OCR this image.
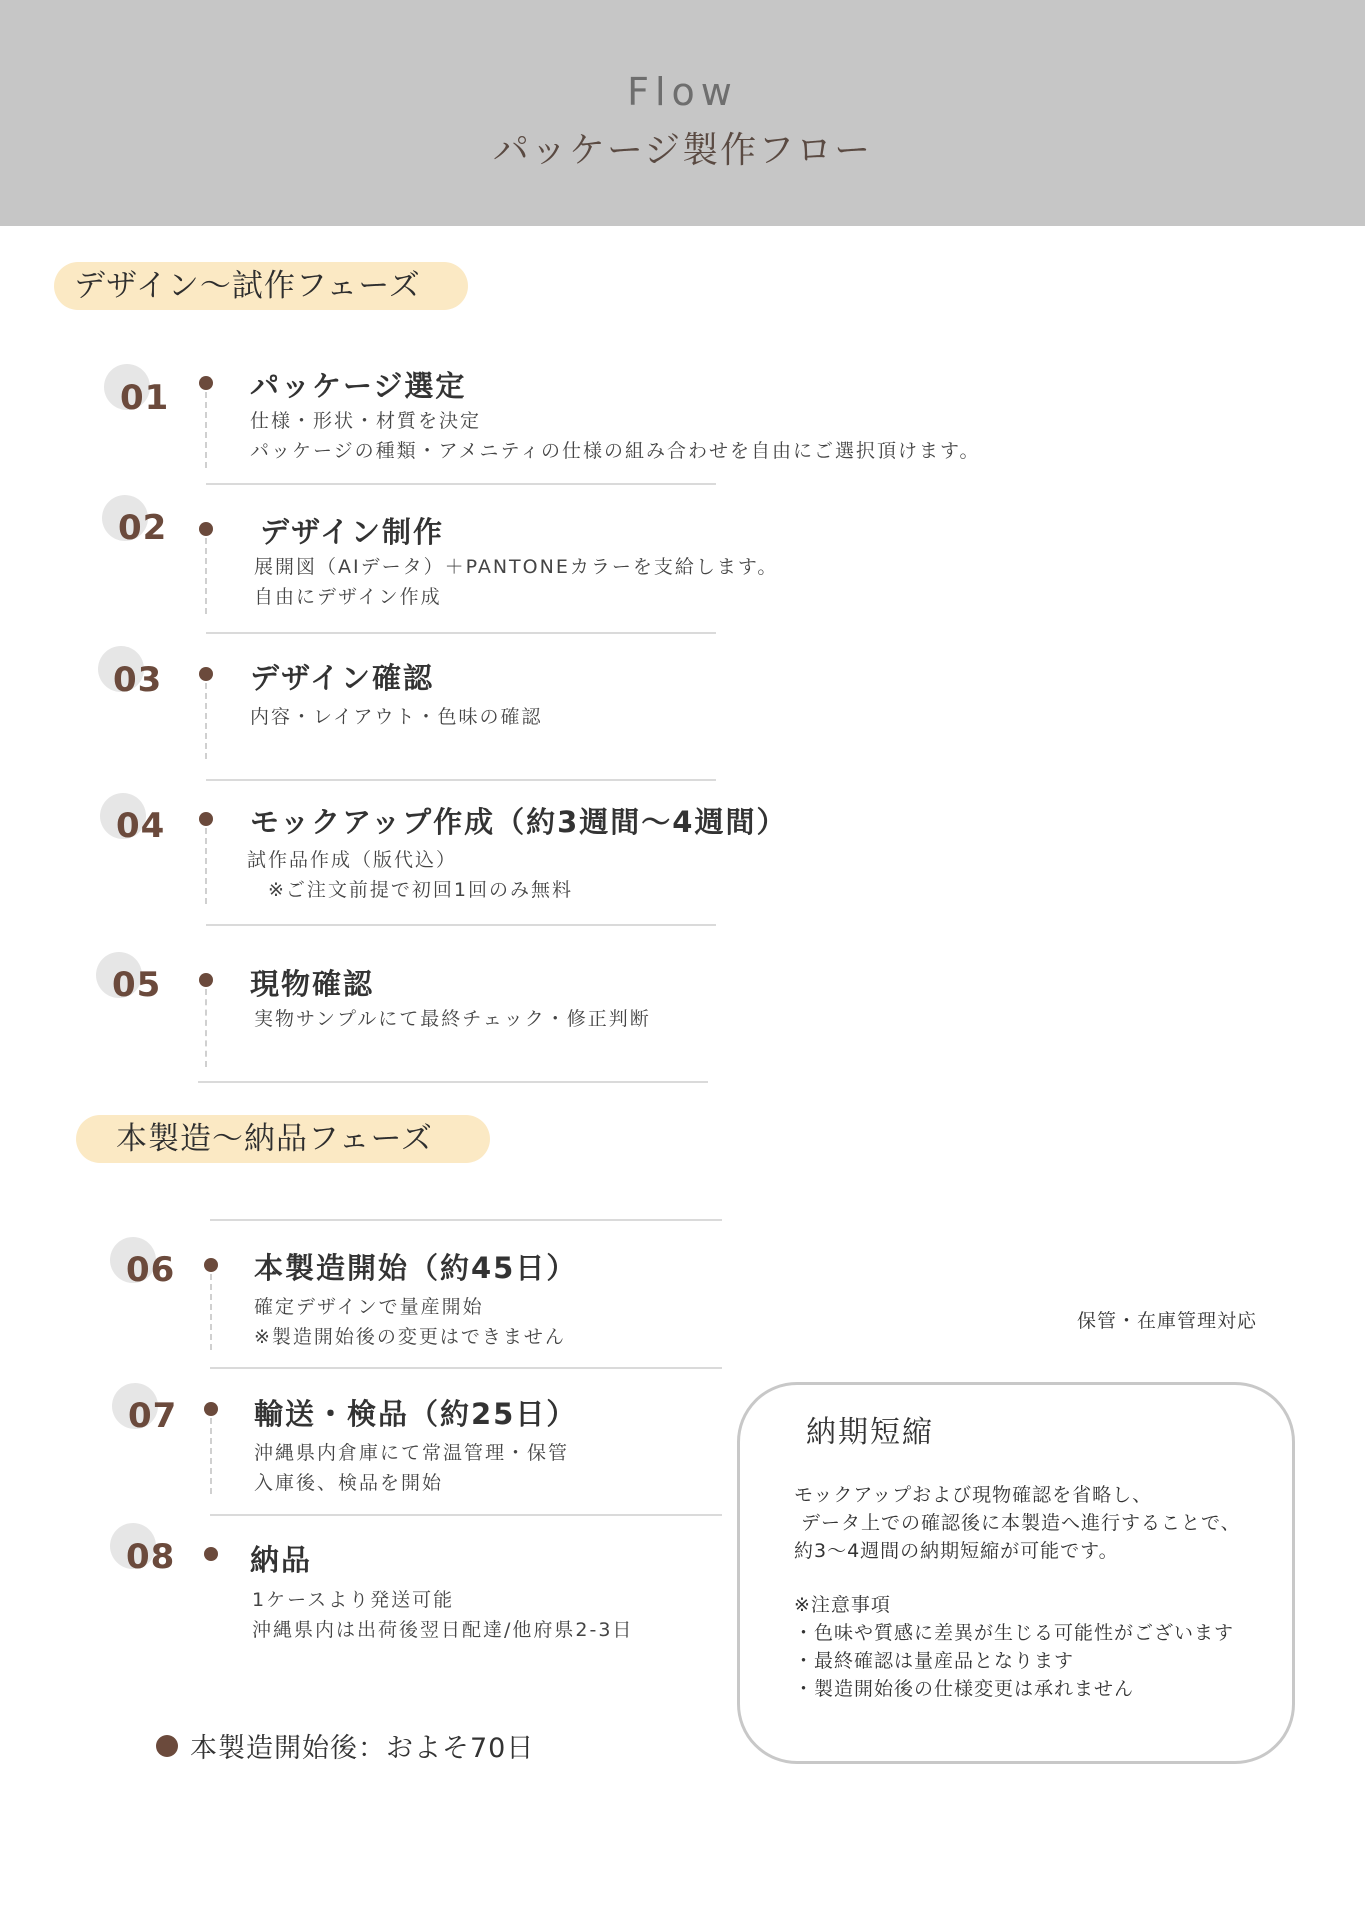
Flow
パッケージ製作フロー
デザイン～試作フェーズ
01	パッケージ選定
仕様・形状・材質を決定
パッケージの種類・アメニティの仕様の組み合わせを自由にご選択頂けます。
02	デザイン制作
展開図（AIデータ）＋PANTONEカラーを支給します。
自由にデザイン作成
03	デザイン確認
内容・レイアウト・色味の確認
04	モックアップ作成（約3週間～4週間）
試作品作成（版代込）
※ご注文前提で初回1回のみ無料
05	現物確認
実物サンプルにて最終チェック・修正判断
本製造～納品フェーズ
06	本製造開始（約45日）
確定デザインで量産開始
※製造開始後の変更はできません
保管・在庫管理対応
07	輸送・検品（約25日）
沖縄県内倉庫にて常温管理・保管
入庫後、検品を開始
08	納品
1ケースより発送可能
沖縄県内は出荷後翌日配達/他府県2-3日
納期短縮
モックアップおよび現物確認を省略し、
データ上での確認後に本製造へ進行することで、
約3～4週間の納期短縮が可能です。
※注意事項
・色味や質感に差異が生じる可能性がございます
・最終確認は量産品となります
・製造開始後の仕様変更は承れません
本製造開始後：およそ70日
